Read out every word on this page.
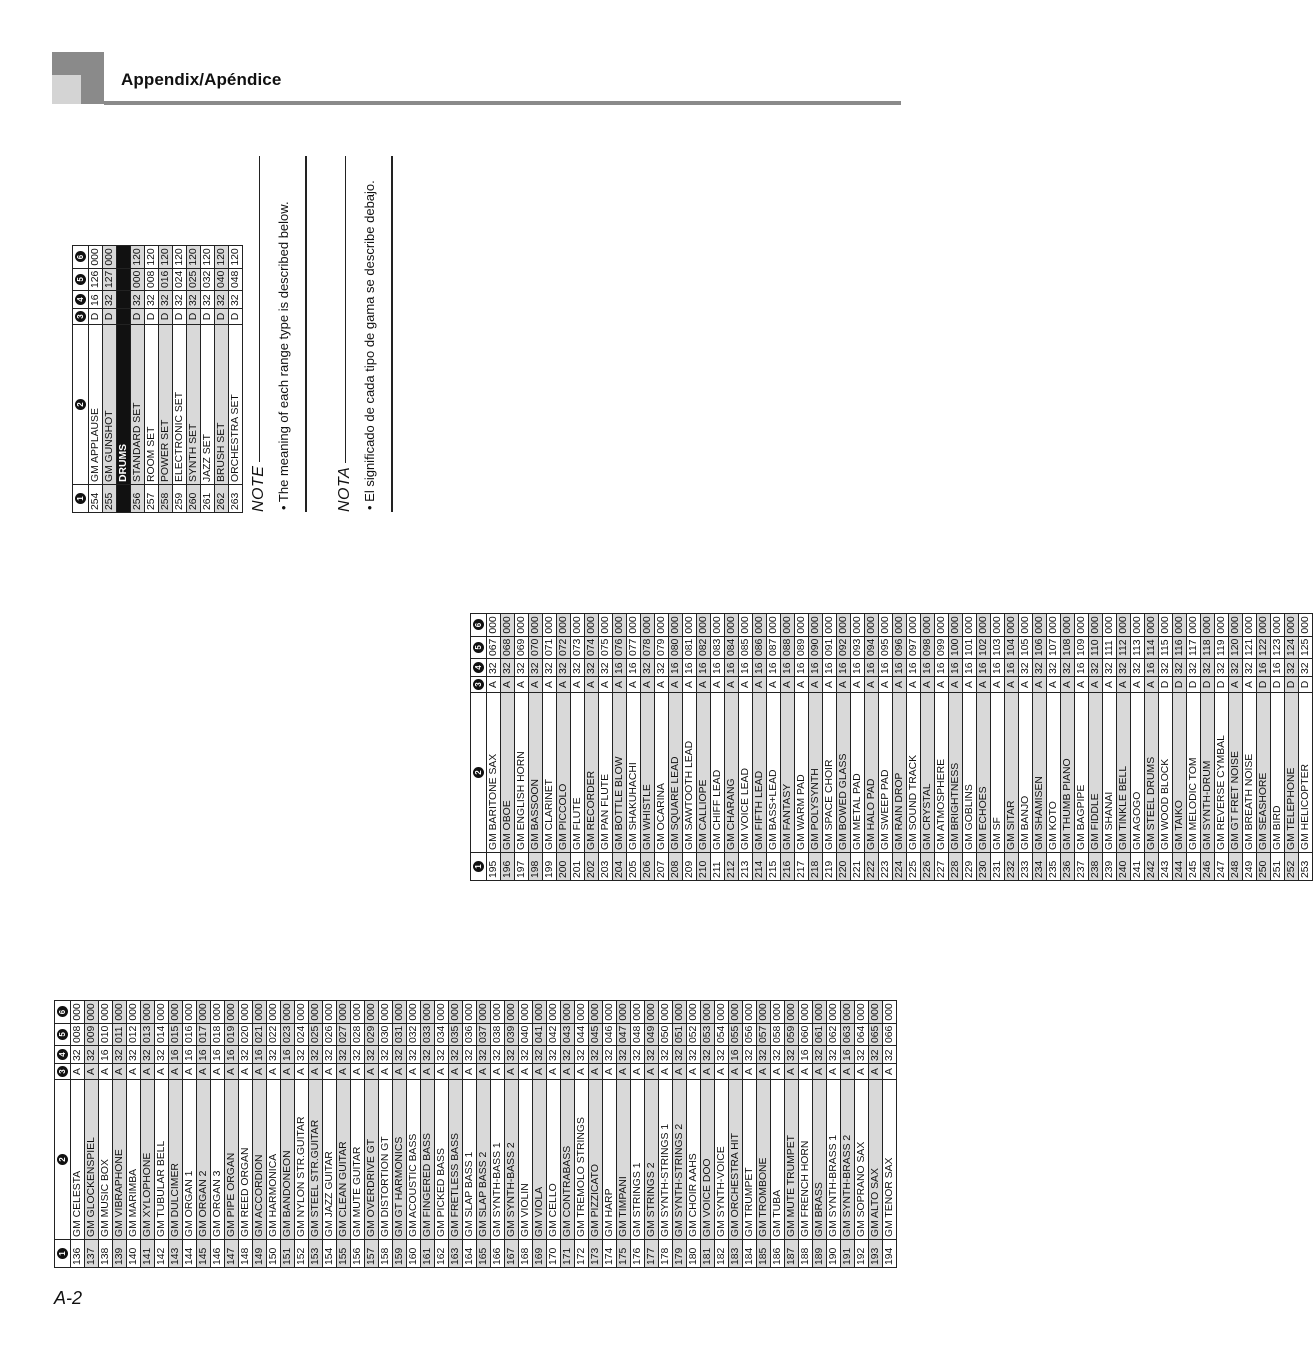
Appendix/Apéndice
1	2	3	4	5	6
136	GM CELESTA	A	32	008	000
137	GM GLOCKENSPIEL	A	32	009	000
138	GM MUSIC BOX	A	16	010	000
139	GM VIBRAPHONE	A	32	011	000
140	GM MARIMBA	A	32	012	000
141	GM XYLOPHONE	A	32	013	000
142	GM TUBULAR BELL	A	32	014	000
143	GM DULCIMER	A	16	015	000
144	GM ORGAN 1	A	16	016	000
145	GM ORGAN 2	A	16	017	000
146	GM ORGAN 3	A	16	018	000
147	GM PIPE ORGAN	A	16	019	000
148	GM REED ORGAN	A	32	020	000
149	GM ACCORDION	A	16	021	000
150	GM HARMONICA	A	32	022	000
151	GM BANDONEON	A	16	023	000
152	GM NYLON STR.GUITAR	A	32	024	000
153	GM STEEL STR.GUITAR	A	32	025	000
154	GM JAZZ GUITAR	A	32	026	000
155	GM CLEAN GUITAR	A	32	027	000
156	GM MUTE GUITAR	A	32	028	000
157	GM OVERDRIVE GT	A	32	029	000
158	GM DISTORTION GT	A	32	030	000
159	GM GT HARMONICS	A	32	031	000
160	GM ACOUSTIC BASS	A	32	032	000
161	GM FINGERED BASS	A	32	033	000
162	GM PICKED BASS	A	32	034	000
163	GM FRETLESS BASS	A	32	035	000
164	GM SLAP BASS 1	A	32	036	000
165	GM SLAP BASS 2	A	32	037	000
166	GM SYNTH-BASS 1	A	32	038	000
167	GM SYNTH-BASS 2	A	32	039	000
168	GM VIOLIN	A	32	040	000
169	GM VIOLA	A	32	041	000
170	GM CELLO	A	32	042	000
171	GM CONTRABASS	A	32	043	000
172	GM TREMOLO STRINGS	A	32	044	000
173	GM PIZZICATO	A	32	045	000
174	GM HARP	A	32	046	000
175	GM TIMPANI	A	32	047	000
176	GM STRINGS 1	A	32	048	000
177	GM STRINGS 2	A	32	049	000
178	GM SYNTH-STRINGS 1	A	32	050	000
179	GM SYNTH-STRINGS 2	A	32	051	000
180	GM CHOIR AAHS	A	32	052	000
181	GM VOICE DOO	A	32	053	000
182	GM SYNTH-VOICE	A	32	054	000
183	GM ORCHESTRA HIT	A	16	055	000
184	GM TRUMPET	A	32	056	000
185	GM TROMBONE	A	32	057	000
186	GM TUBA	A	32	058	000
187	GM MUTE TRUMPET	A	32	059	000
188	GM FRENCH HORN	A	16	060	000
189	GM BRASS	A	32	061	000
190	GM SYNTH-BRASS 1	A	32	062	000
191	GM SYNTH-BRASS 2	A	16	063	000
192	GM SOPRANO SAX	A	32	064	000
193	GM ALTO SAX	A	32	065	000
194	GM TENOR SAX	A	32	066	000
1	2	3	4	5	6
195	GM BARITONE SAX	A	32	067	000
196	GM OBOE	A	32	068	000
197	GM ENGLISH HORN	A	32	069	000
198	GM BASSOON	A	32	070	000
199	GM CLARINET	A	32	071	000
200	GM PICCOLO	A	32	072	000
201	GM FLUTE	A	32	073	000
202	GM RECORDER	A	32	074	000
203	GM PAN FLUTE	A	32	075	000
204	GM BOTTLE BLOW	A	16	076	000
205	GM SHAKUHACHI	A	16	077	000
206	GM WHISTLE	A	32	078	000
207	GM OCARINA	A	32	079	000
208	GM SQUARE LEAD	A	16	080	000
209	GM SAWTOOTH LEAD	A	16	081	000
210	GM CALLIOPE	A	16	082	000
211	GM CHIFF LEAD	A	16	083	000
212	GM CHARANG	A	16	084	000
213	GM VOICE LEAD	A	16	085	000
214	GM FIFTH LEAD	A	16	086	000
215	GM BASS+LEAD	A	16	087	000
216	GM FANTASY	A	16	088	000
217	GM WARM PAD	A	16	089	000
218	GM POLYSYNTH	A	16	090	000
219	GM SPACE CHOIR	A	16	091	000
220	GM BOWED GLASS	A	16	092	000
221	GM METAL PAD	A	16	093	000
222	GM HALO PAD	A	16	094	000
223	GM SWEEP PAD	A	16	095	000
224	GM RAIN DROP	A	16	096	000
225	GM SOUND TRACK	A	16	097	000
226	GM CRYSTAL	A	16	098	000
227	GM ATMOSPHERE	A	16	099	000
228	GM BRIGHTNESS	A	16	100	000
229	GM GOBLINS	A	16	101	000
230	GM ECHOES	A	16	102	000
231	GM SF	A	16	103	000
232	GM SITAR	A	16	104	000
233	GM BANJO	A	32	105	000
234	GM SHAMISEN	A	32	106	000
235	GM KOTO	A	32	107	000
236	GM THUMB PIANO	A	32	108	000
237	GM BAGPIPE	A	16	109	000
238	GM FIDDLE	A	32	110	000
239	GM SHANAI	A	32	111	000
240	GM TINKLE BELL	A	32	112	000
241	GM AGOGO	A	32	113	000
242	GM STEEL DRUMS	A	16	114	000
243	GM WOOD BLOCK	D	32	115	000
244	GM TAIKO	D	32	116	000
245	GM MELODIC TOM	D	32	117	000
246	GM SYNTH-DRUM	D	32	118	000
247	GM REVERSE CYMBAL	D	32	119	000
248	GM GT FRET NOISE	A	32	120	000
249	GM BREATH NOISE	A	32	121	000
250	GM SEASHORE	D	16	122	000
251	GM BIRD	D	16	123	000
252	GM TELEPHONE	D	32	124	000
253	GM HELICOPTER	D	32	125	000
1	2	3	4	5	6
254	GM APPLAUSE	D	16	126	000
255	GM GUNSHOT	D	32	127	000
	DRUMS				
256	STANDARD SET	D	32	000	120
257	ROOM SET	D	32	008	120
258	POWER SET	D	32	016	120
259	ELECTRONIC SET	D	32	024	120
260	SYNTH SET	D	32	025	120
261	JAZZ SET	D	32	032	120
262	BRUSH SET	D	32	040	120
263	ORCHESTRA SET	D	32	048	120
NOTE • The meaning of each range type is described below.	NOTA • El significado de cada tipo de gama se describe debajo.
A-2
